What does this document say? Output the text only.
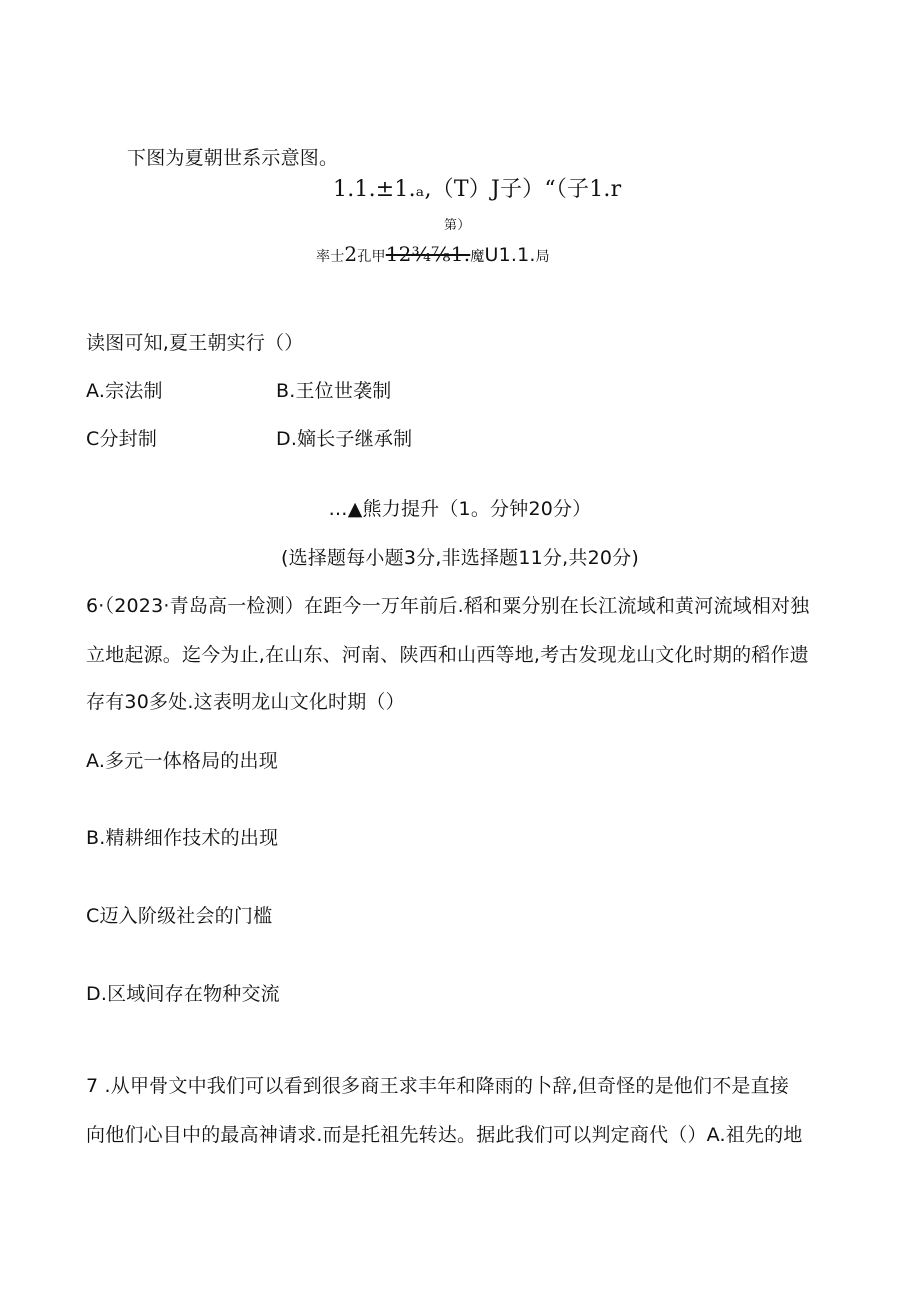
下图为夏朝世系示意图。
1.1.±1.ₐ,（T）J子）“（子1.r
第）
率士2孔甲12¾⅞1.魔U1.1.局
读图可知,夏王朝实行（）
A.宗法制	B.王位世袭制
C分封制	D.嫡长子继承制
…▲熊力提升（1。分钟20分）
(选择题每小题3分,非选择题11分,共20分)
6·（2023·青岛高一检测）在距今一万年前后.稻和粟分别在长江流域和黄河流域相对独
立地起源。迄今为止,在山东、河南、陕西和山西等地,考古发现龙山文化时期的稻作遗
存有30多处.这表明龙山文化时期（）
A.多元一体格局的出现
B.精耕细作技术的出现
C迈入阶级社会的门槛
D.区域间存在物种交流
7 .从甲骨文中我们可以看到很多商王求丰年和降雨的卜辞,但奇怪的是他们不是直接
向他们心目中的最高神请求.而是托祖先转达。据此我们可以判定商代（）A.祖先的地
